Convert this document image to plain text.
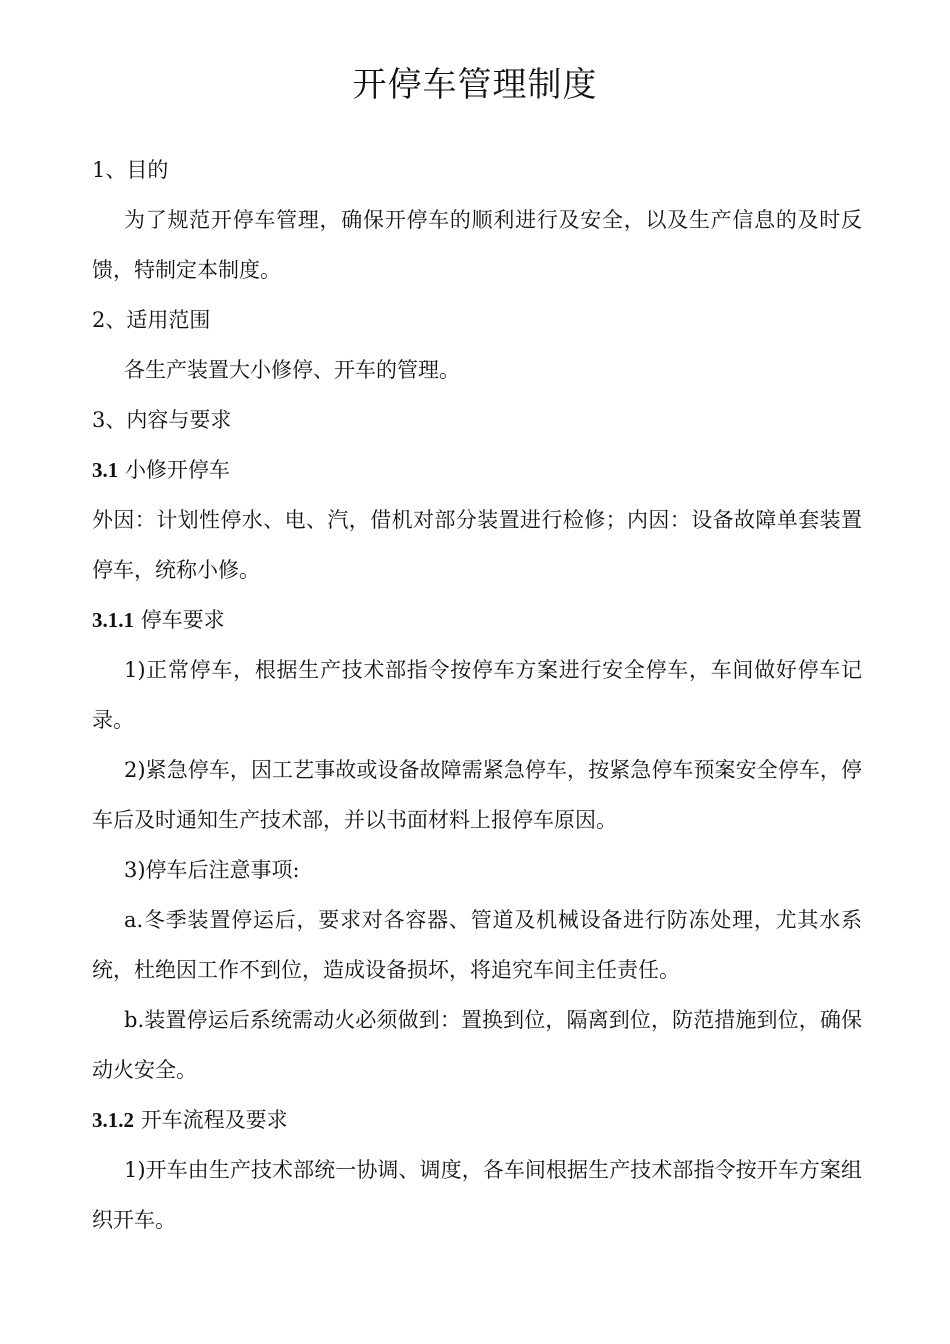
开停车管理制度

1、目的

为了规范开停车管理，确保开停车的顺利进行及安全，以及生产信息的及时反馈，特制定本制度。

2、适用范围

各生产装置大小修停、开车的管理。

3、内容与要求

3.1 小修开停车

外因：计划性停水、电、汽，借机对部分装置进行检修；内因：设备故障单套装置停车，统称小修。

3.1.1 停车要求

1)正常停车，根据生产技术部指令按停车方案进行安全停车，车间做好停车记录。

2)紧急停车，因工艺事故或设备故障需紧急停车，按紧急停车预案安全停车，停车后及时通知生产技术部，并以书面材料上报停车原因。

3)停车后注意事项:

a.冬季装置停运后，要求对各容器、管道及机械设备进行防冻处理，尤其水系统，杜绝因工作不到位，造成设备损坏，将追究车间主任责任。

b.装置停运后系统需动火必须做到：置换到位，隔离到位，防范措施到位，确保动火安全。

3.1.2 开车流程及要求

1)开车由生产技术部统一协调、调度，各车间根据生产技术部指令按开车方案组织开车。
